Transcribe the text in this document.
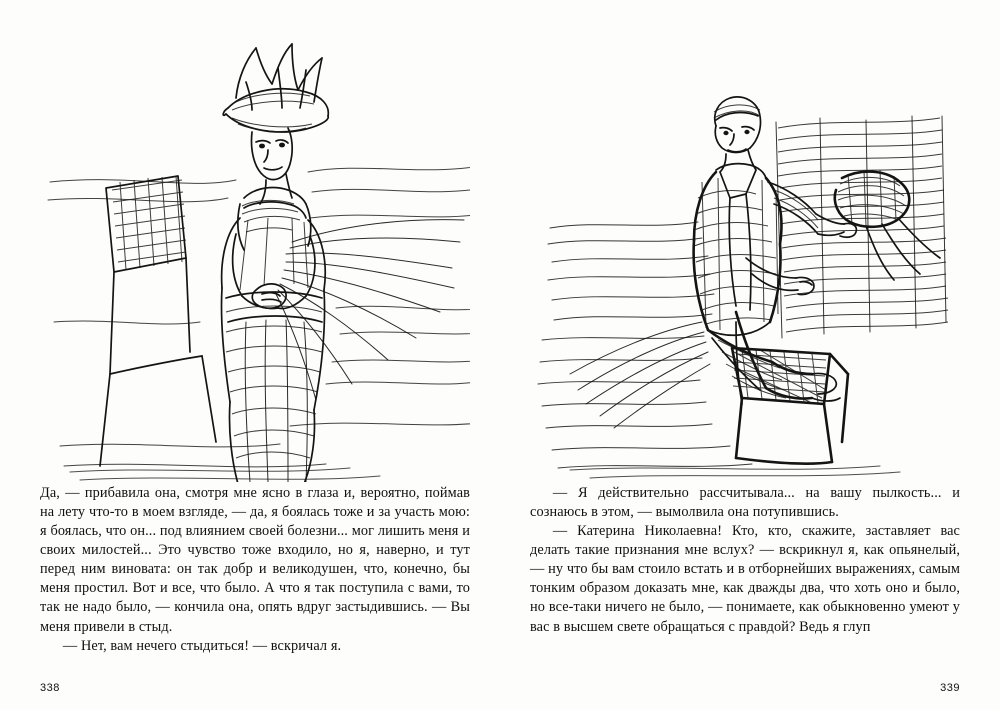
Да, — прибавила она, смотря мне ясно в глаза и, вероятно, поймав на лету что-то в моем взгляде, — да, я боялась тоже и за участь мою: я боялась, что он... под влиянием своей болезни... мог лишить меня и своих милостей... Это чувство тоже входило, но я, наверно, и тут перед ним виновата: он так добр и великодушен, что, конечно, бы меня простил. Вот и все, что было. А что я так поступила с вами, то так не надо было, — кончила она, опять вдруг застыдившись. — Вы меня привели в стыд.

— Нет, вам нечего стыдиться! — вскричал я.

338

— Я действительно рассчитывала... на вашу пылкость... и сознаюсь в этом, — вымолвила она потупившись.

— Катерина Николаевна! Кто, кто, скажите, заставляет вас делать такие признания мне вслух? — вскрикнул я, как опьянелый, — ну что бы вам стоило встать и в отборнейших выражениях, самым тонким образом доказать мне, как дважды два, что хоть оно и было, но все-таки ничего не было, — понимаете, как обыкновенно умеют у вас в высшем свете обращаться с правдой? Ведь я глуп

339
